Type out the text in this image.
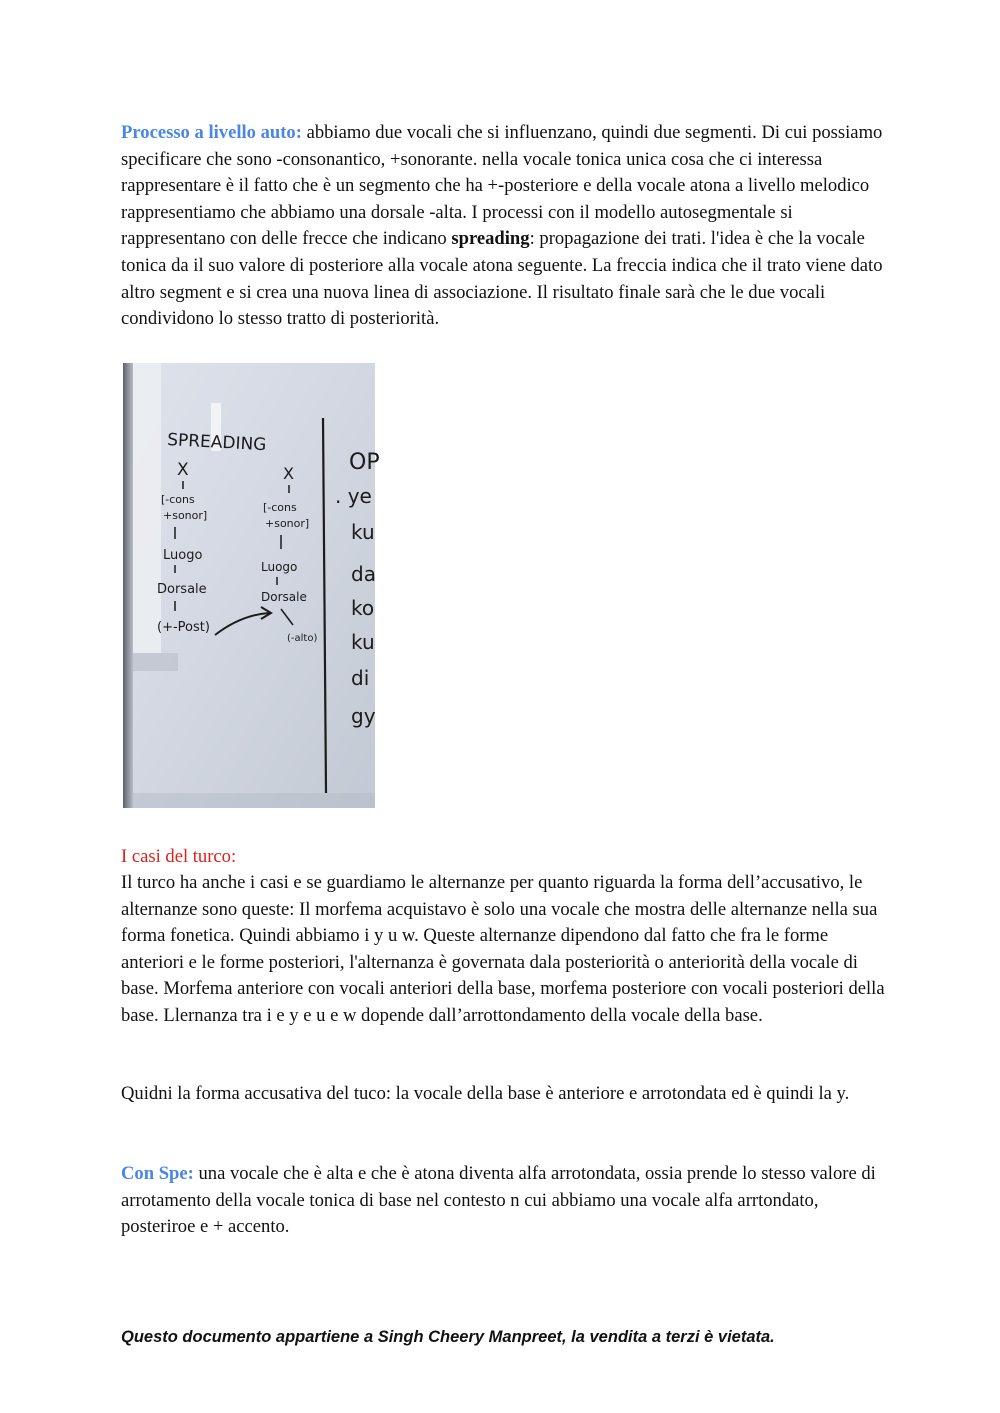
Processo a livello auto: abbiamo due vocali che si influenzano, quindi due segmenti. Di cui possiamo specificare che sono -consonantico, +sonorante. nella vocale tonica unica cosa che ci interessa rappresentare è il fatto che è un segmento che ha +-posteriore e della vocale atona a livello melodico rappresentiamo che abbiamo una dorsale -alta. I processi con il modello autosegmentale si rappresentano con delle frecce che indicano spreading: propagazione dei trati. l'idea è che la vocale tonica da il suo valore di posteriore alla vocale atona seguente. La freccia indica che il trato viene dato altro segment e si crea una nuova linea di associazione. Il risultato finale sarà che le due vocali condividono lo stesso tratto di posteriorità.

SPREADING
X
[-cons
+sonor]
Luogo
Dorsale
(+-Post)
X
[-cons
+sonor]
Luogo
Dorsale
(-alto)
OP
. ye
ku
da
ko
ku
di
gy
I casi del turco:

Il turco ha anche i casi e se guardiamo le alternanze per quanto riguarda la forma dell’accusativo, le alternanze sono queste: Il morfema acquistavo è solo una vocale che mostra delle alternanze nella sua forma fonetica. Quindi abbiamo i y u w. Queste alternanze dipendono dal fatto che fra le forme anteriori e le forme posteriori, l'alternanza è governata dala posteriorità o anteriorità della vocale di base. Morfema anteriore con vocali anteriori della base, morfema posteriore con vocali posteriori della base. Llernanza tra i e y e u e w dopende dall’arrottondamento della vocale della base.

Quidni la forma accusativa del tuco: la vocale della base è anteriore e arrotondata ed è quindi la y.

Con Spe: una vocale che è alta e che è atona diventa alfa arrotondata, ossia prende lo stesso valore di arrotamento della vocale tonica di base nel contesto n cui abbiamo una vocale alfa arrtondato, posteriroe e + accento.

Questo documento appartiene a Singh Cheery Manpreet, la vendita a terzi è vietata.
